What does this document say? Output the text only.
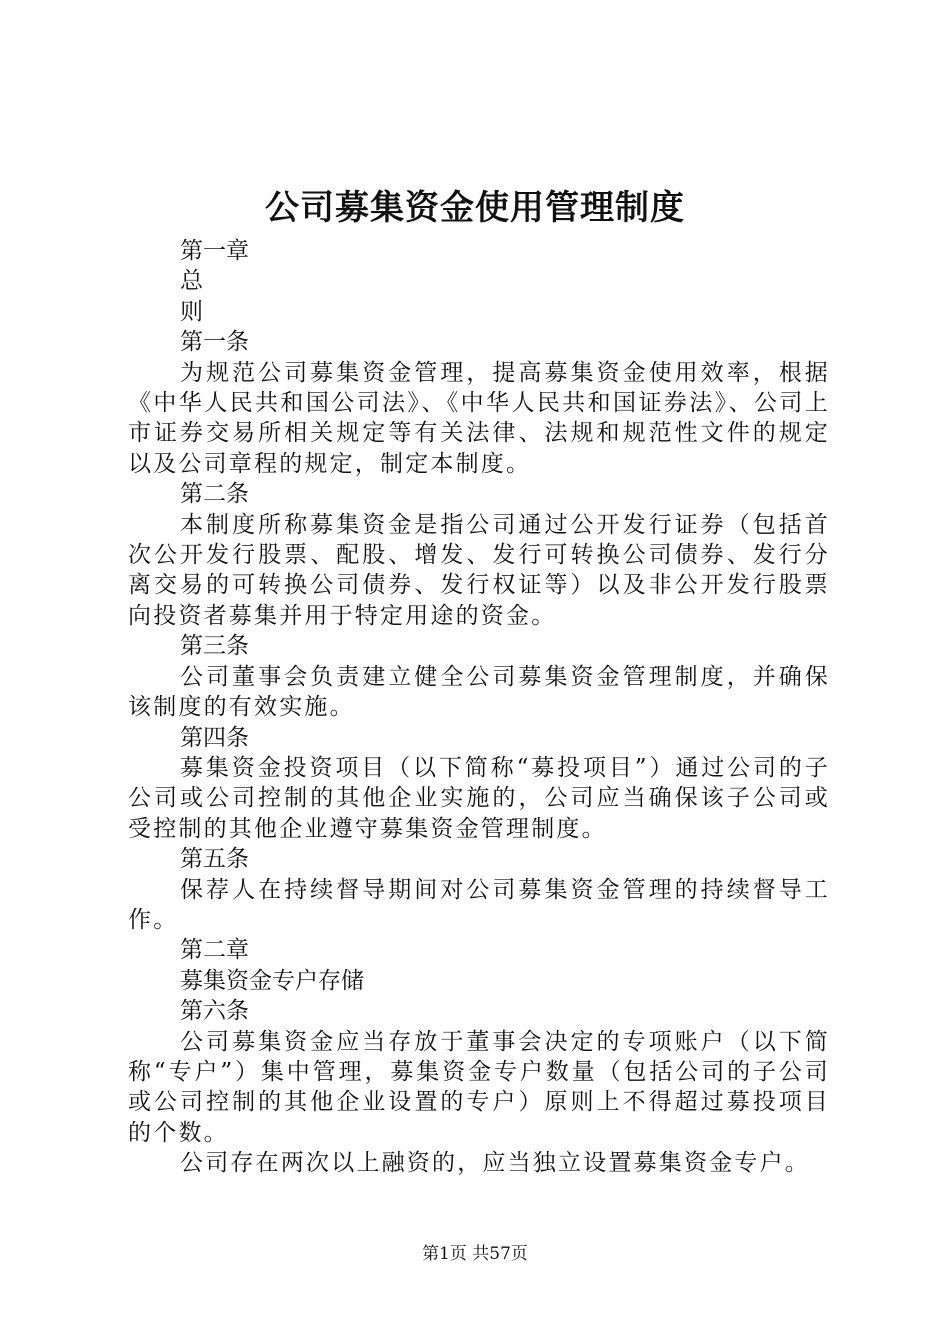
公司募集资金使用管理制度
第一章
总
则
第一条
为规范公司募集资金管理，提高募集资金使用效率，根据《中华人民共和国公司法》、《中华人民共和国证券法》、公司上市证券交易所相关规定等有关法律、法规和规范性文件的规定以及公司章程的规定，制定本制度。
第二条
本制度所称募集资金是指公司通过公开发行证券（包括首次公开发行股票、配股、增发、发行可转换公司债券、发行分离交易的可转换公司债券、发行权证等）以及非公开发行股票向投资者募集并用于特定用途的资金。
第三条
公司董事会负责建立健全公司募集资金管理制度，并确保该制度的有效实施。
第四条
募集资金投资项目（以下简称“募投项目”）通过公司的子公司或公司控制的其他企业实施的，公司应当确保该子公司或受控制的其他企业遵守募集资金管理制度。
第五条
保荐人在持续督导期间对公司募集资金管理的持续督导工作。
第二章
募集资金专户存储
第六条
公司募集资金应当存放于董事会决定的专项账户（以下简称“专户”）集中管理，募集资金专户数量（包括公司的子公司或公司控制的其他企业设置的专户）原则上不得超过募投项目的个数。
公司存在两次以上融资的，应当独立设置募集资金专户。
第1页 共57页
